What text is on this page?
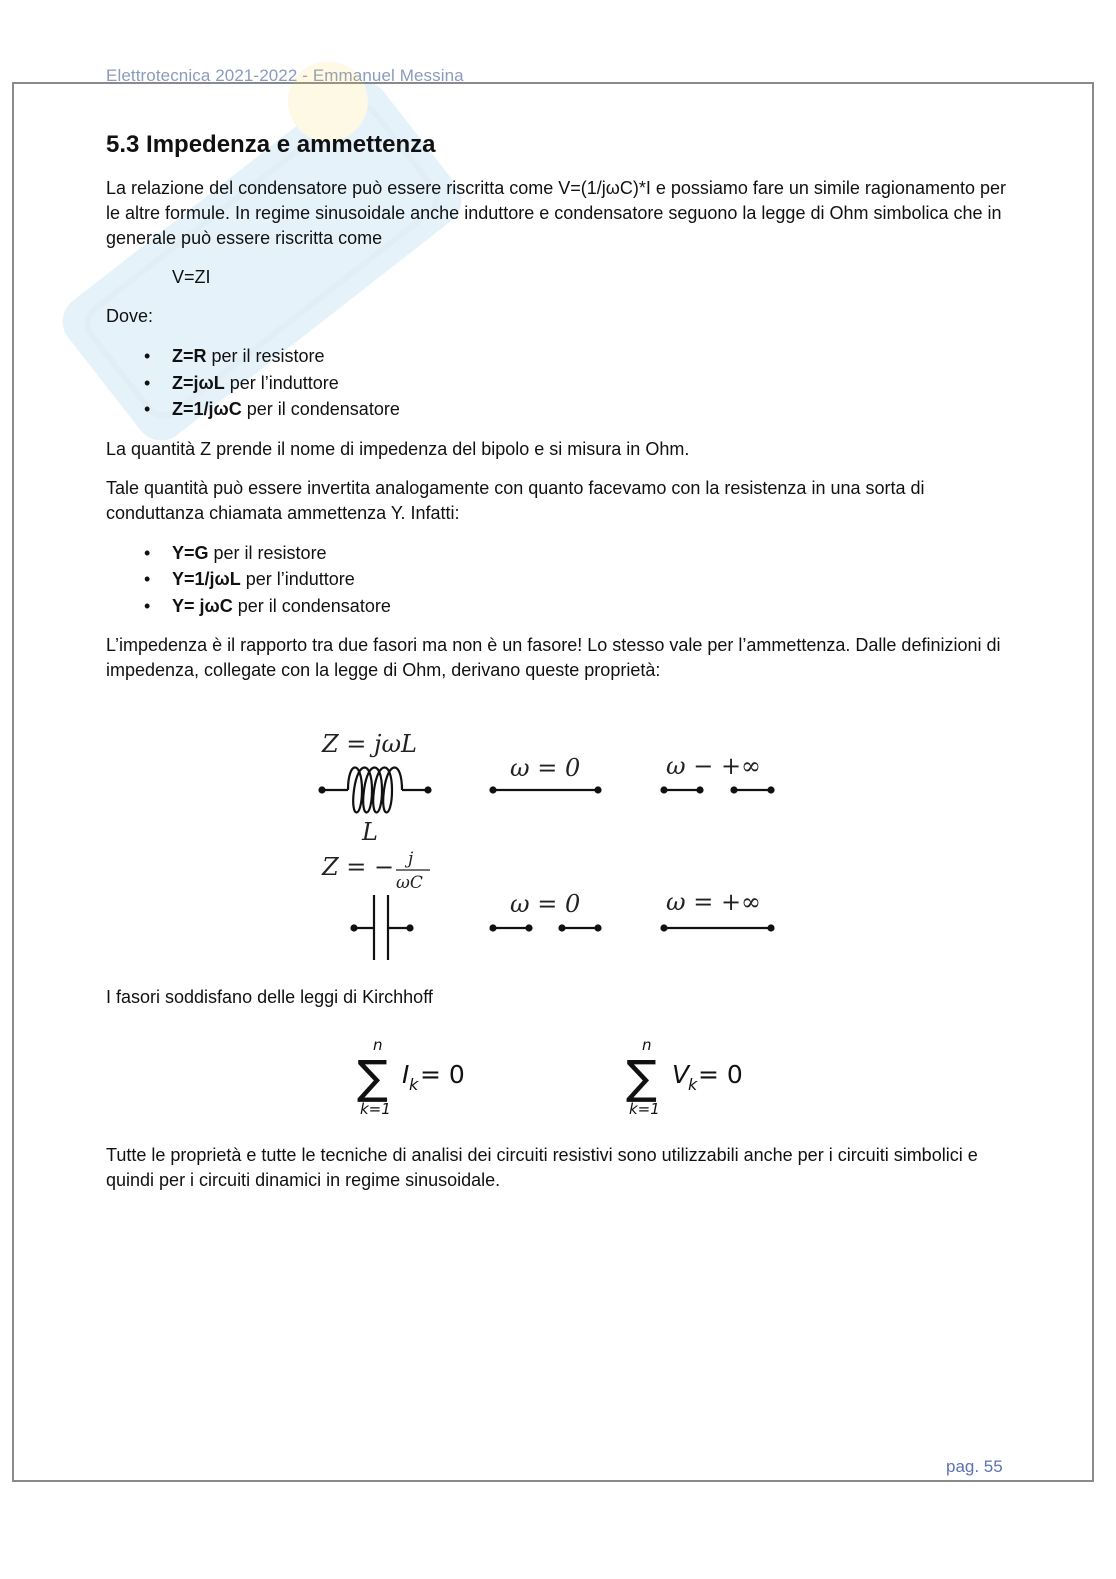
Elettrotecnica 2021-2022 - Emmanuel Messina
5.3 Impedenza e ammettenza

La relazione del condensatore può essere riscritta come V=(1/jωC)*I e possiamo fare un simile ragionamento per le altre formule. In regime sinusoidale anche induttore e condensatore seguono la legge di Ohm simbolica che in generale può essere riscritta come

V=ZI

Dove:

• Z=R per il resistore
• Z=jωL per l’induttore
• Z=1/jωC per il condensatore

La quantità Z prende il nome di impedenza del bipolo e si misura in Ohm.

Tale quantità può essere invertita analogamente con quanto facevamo con la resistenza in una sorta di conduttanza chiamata ammettenza Y. Infatti:

• Y=G per il resistore
• Y=1/jωL per l’induttore
• Y= jωC per il condensatore

L’impedenza è il rapporto tra due fasori ma non è un fasore! Lo stesso vale per l’ammettenza. Dalle definizioni di impedenza, collegate con la legge di Ohm, derivano queste proprietà:

Z = jωL
L
ω = 0	ω − +∞
Z = − j
ωC
ω = 0	ω = +∞

I fasori soddisfano delle leggi di Kirchhoff

n
∑
k=1
I k = 0
n
∑
k=1
V
k = 0

Tutte le proprietà e tutte le tecniche di analisi dei circuiti resistivi sono utilizzabili anche per i circuiti simbolici e quindi per i circuiti dinamici in regime sinusoidale.

pag. 55
